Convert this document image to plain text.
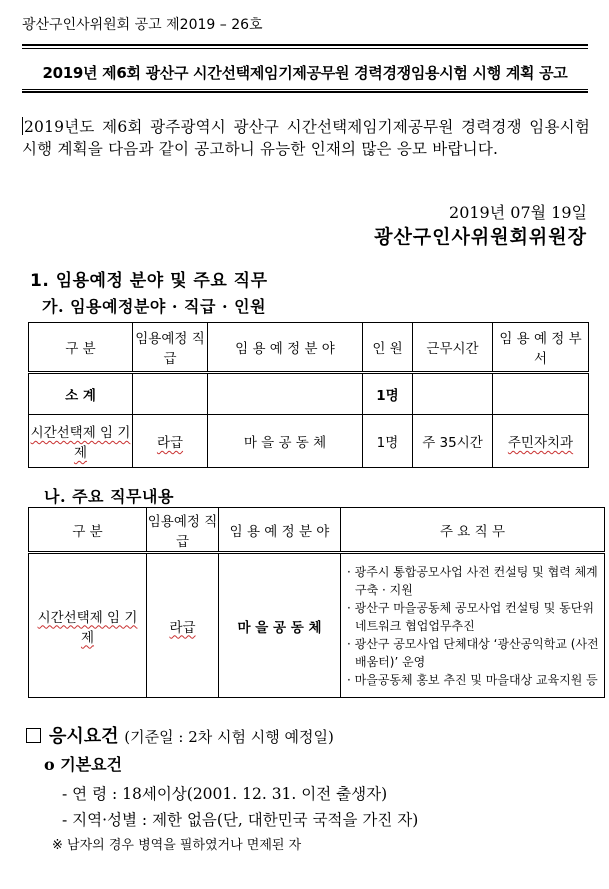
광산구인사위원회 공고 제2019 – 26호
2019년 제6회 광산구 시간선택제임기제공무원 경력경쟁임용시험 시행 계획 공고
2019년도 제6회 광주광역시 광산구 시간선택제임기제공무원 경력경쟁 임용시험 시행 계획을 다음과 같이 공고하니 유능한 인재의 많은 응모 바랍니다.
2019년 07월 19일
광산구인사위원회위원장
1. 임용예정 분야 및 주요 직무
가. 임용예정분야 · 직급 · 인원
구 분	임용예정 직 급	임 용 예 정 분 야	인 원	근무시간	임 용 예 정 부 서
소 계			1명		
시간선택제 임 기 제	라급	마 을 공 동 체	1명	주 35시간	주민자치과
나. 주요 직무내용
구 분	임용예정 직 급	임 용 예 정 분 야	주 요 직 무
시간선택제 임 기 제	라급	마 을 공 동 체	· 광주시 통합공모사업 사전 컨설팅 및 협력 체계 구축 · 지원
· 광산구 마을공동체 공모사업 컨설팅 및 동단위 네트워크 협업업무추진
· 광산구 공모사업 단체대상 ‘광산공익학교 (사전배움터)’ 운영
· 마을공동체 홍보 추진 및 마을대상 교육지원 등
응시요건 (기준일 : 2차 시험 시행 예정일)
o 기본요건
- 연 령 : 18세이상(2001. 12. 31. 이전 출생자)
- 지역·성별 : 제한 없음(단, 대한민국 국적을 가진 자)
※ 남자의 경우 병역을 필하였거나 면제된 자
